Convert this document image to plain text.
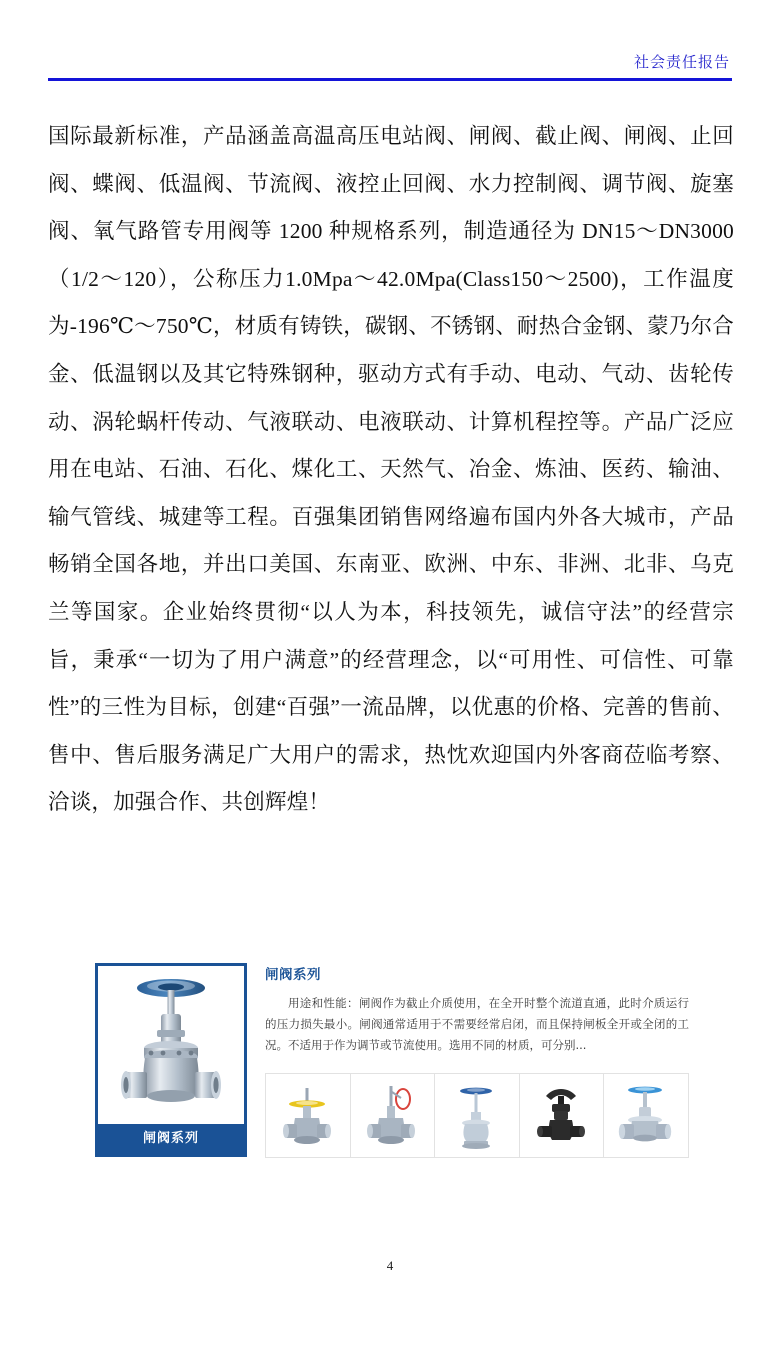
社会责任报告

国际最新标准，产品涵盖高温高压电站阀、闸阀、截止阀、闸阀、止回阀、蝶阀、低温阀、节流阀、液控止回阀、水力控制阀、调节阀、旋塞阀、氧气路管专用阀等 1200 种规格系列，制造通径为 DN15～DN3000（1/2～120），公称压力1.0Mpa～42.0Mpa(Class150～2500)，工作温度为-196℃～750℃，材质有铸铁，碳钢、不锈钢、耐热合金钢、蒙乃尔合金、低温钢以及其它特殊钢种，驱动方式有手动、电动、气动、齿轮传动、涡轮蜗杆传动、气液联动、电液联动、计算机程控等。产品广泛应用在电站、石油、石化、煤化工、天然气、冶金、炼油、医药、输油、输气管线、城建等工程。百强集团销售网络遍布国内外各大城市，产品畅销全国各地，并出口美国、东南亚、欧洲、中东、非洲、北非、乌克兰等国家。企业始终贯彻“以人为本，科技领先，诚信守法”的经营宗旨，秉承“一切为了用户满意”的经营理念，以“可用性、可信性、可靠性”的三性为目标，创建“百强”一流品牌，以优惠的价格、完善的售前、售中、售后服务满足广大用户的需求，热忱欢迎国内外客商莅临考察、洽谈，加强合作、共创辉煌！

闸阀系列
闸阀系列
用途和性能：闸阀作为截止介质使用，在全开时整个流道直通，此时介质运行的压力损失最小。闸阀通常适用于不需要经常启闭，而且保持闸板全开或全闭的工况。不适用于作为调节或节流使用。选用不同的材质，可分别...
4
